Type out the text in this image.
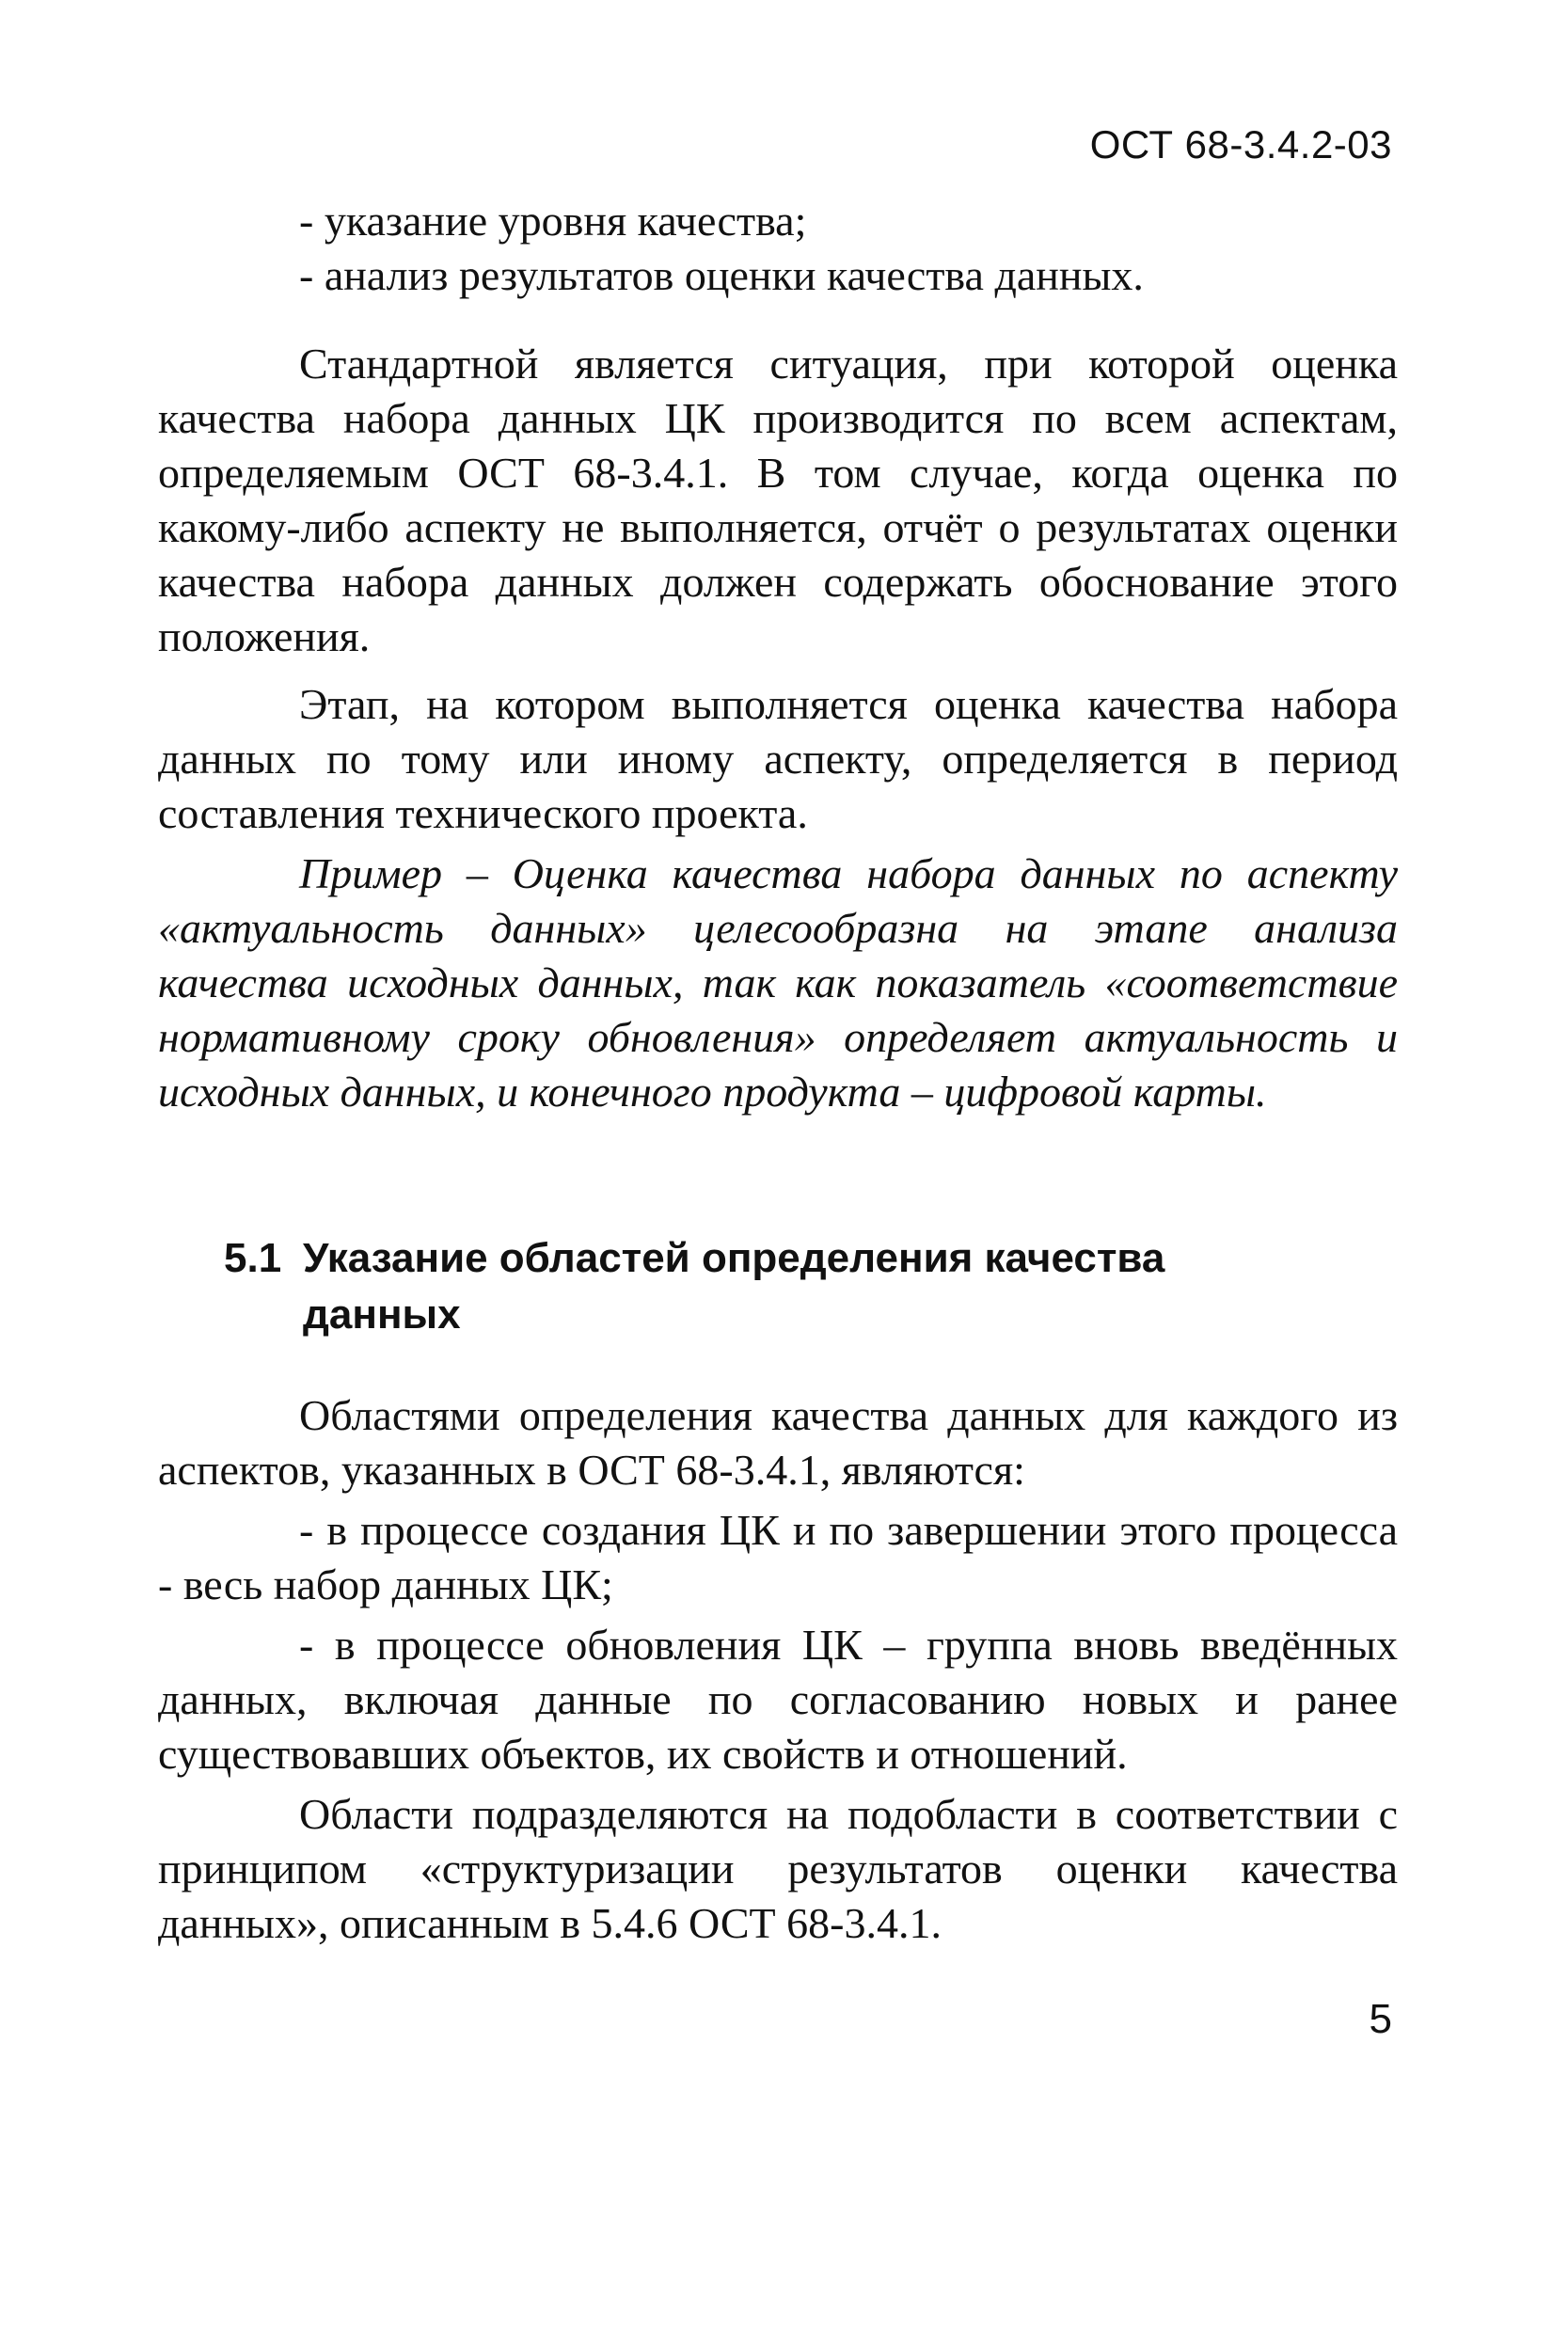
ОСТ 68-3.4.2-03

- указание уровня качества;

- анализ результатов оценки качества данных.

Стандартной является ситуация, при которой оценка качества набора данных ЦК производится по всем аспектам, определяемым ОСТ 68-3.4.1. В том случае, когда оценка по какому-либо аспекту не выполняется, отчёт о результатах оценки качества набора данных должен содержать обоснование этого положения.

Этап, на котором выполняется оценка качества набора данных по тому или иному аспекту, определяется в период составления технического проекта.

Пример – Оценка качества набора данных по аспекту «актуальность данных» целесообразна на этапе анализа качества исходных данных, так как показатель «соответствие нормативному сроку обновления» определяет актуальность и исходных данных, и конечного продукта – цифровой карты.

5.1 Указание областей определения качества
данных

Областями определения качества данных для каждого из аспектов, указанных в ОСТ 68-3.4.1, являются:

- в процессе создания ЦК и по завершении этого процесса - весь набор данных ЦК;

- в процессе обновления ЦК – группа вновь введённых данных, включая данные по согласованию новых и ранее существовавших объектов, их свойств и отношений.

Области подразделяются на подобласти в соответствии с принципом «структуризации результатов оценки качества данных», описанным в 5.4.6 ОСТ 68-3.4.1.

5
